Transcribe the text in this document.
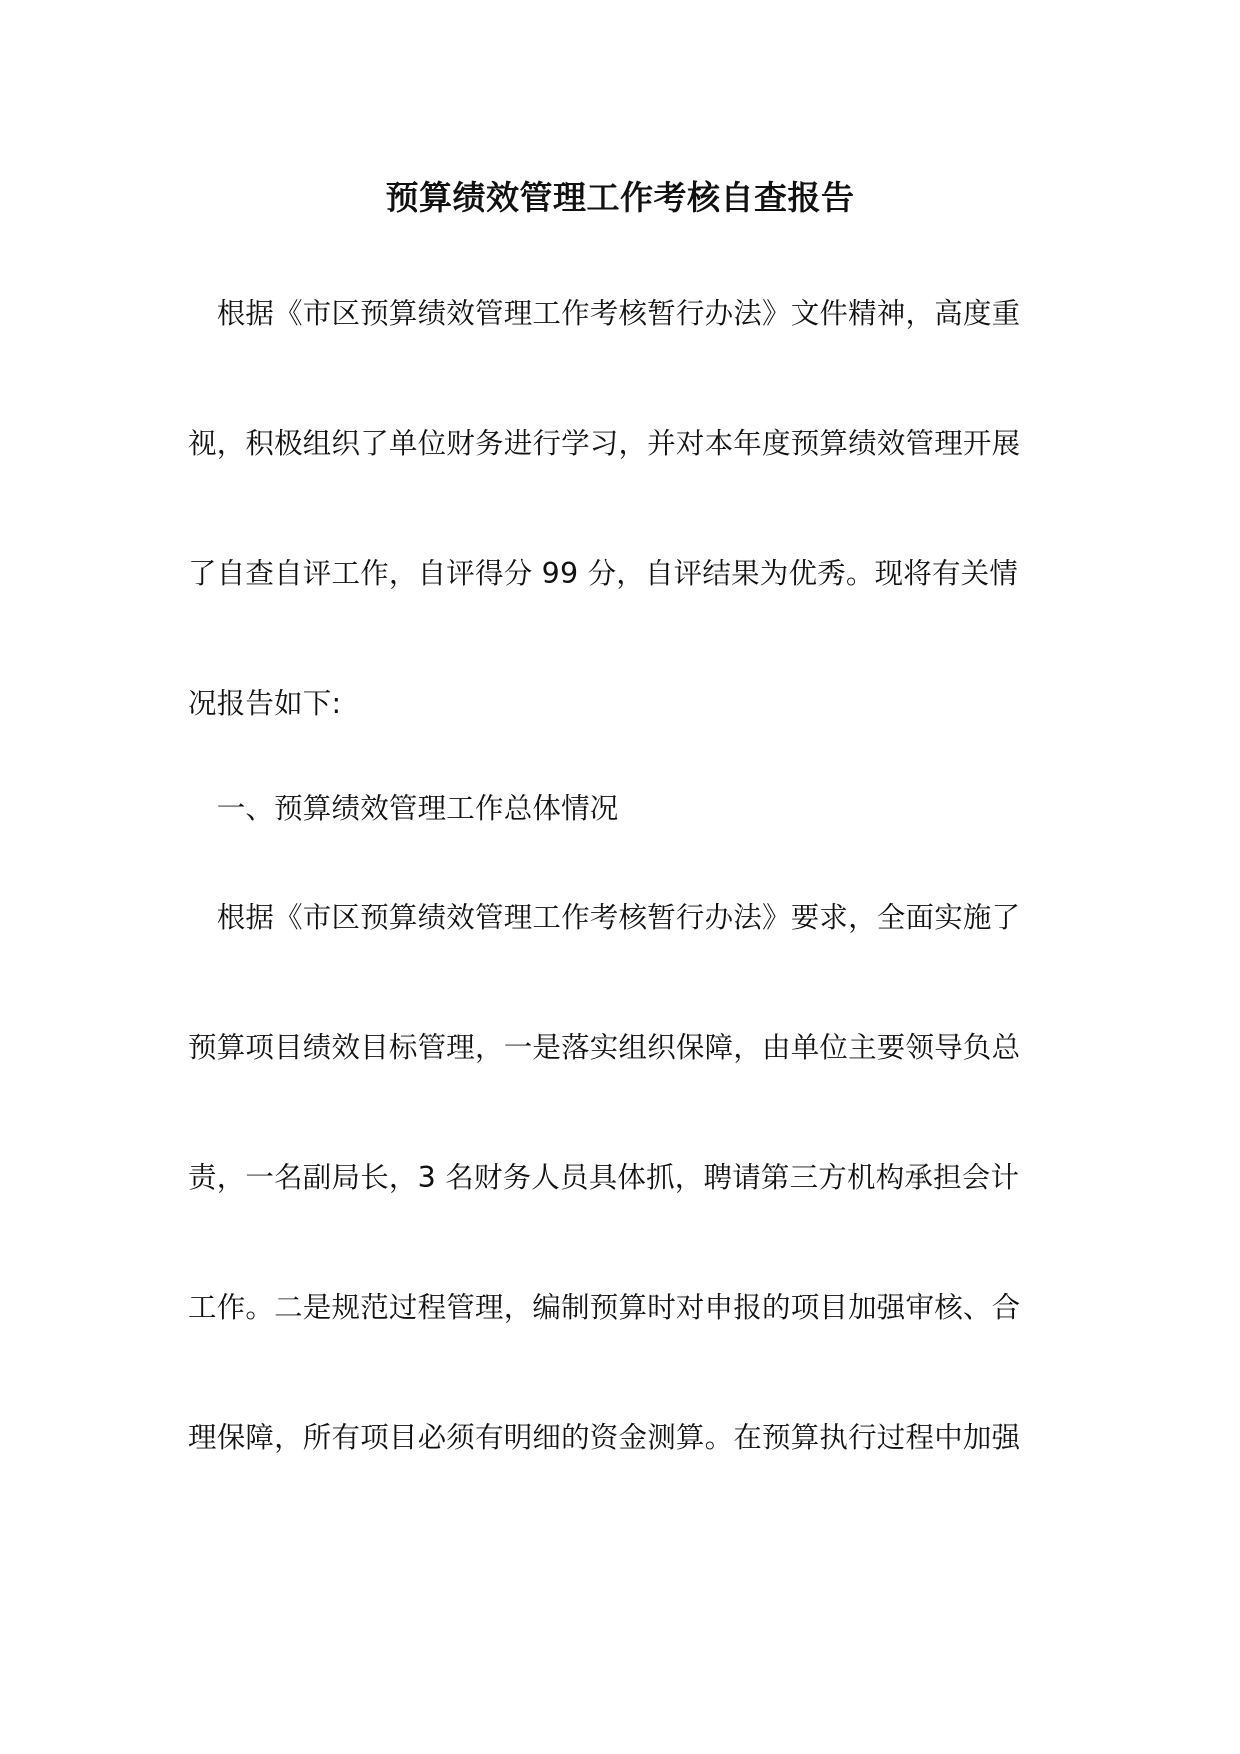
预算绩效管理工作考核自查报告
　根据《市区预算绩效管理工作考核暂行办法》文件精神，高度重
视，积极组织了单位财务进行学习，并对本年度预算绩效管理开展
了自查自评工作，自评得分 99 分，自评结果为优秀。现将有关情
况报告如下:
　一、预算绩效管理工作总体情况
　根据《市区预算绩效管理工作考核暂行办法》要求，全面实施了
预算项目绩效目标管理，一是落实组织保障，由单位主要领导负总
责，一名副局长，3 名财务人员具体抓，聘请第三方机构承担会计
工作。二是规范过程管理，编制预算时对申报的项目加强审核、合
理保障，所有项目必须有明细的资金测算。在预算执行过程中加强
